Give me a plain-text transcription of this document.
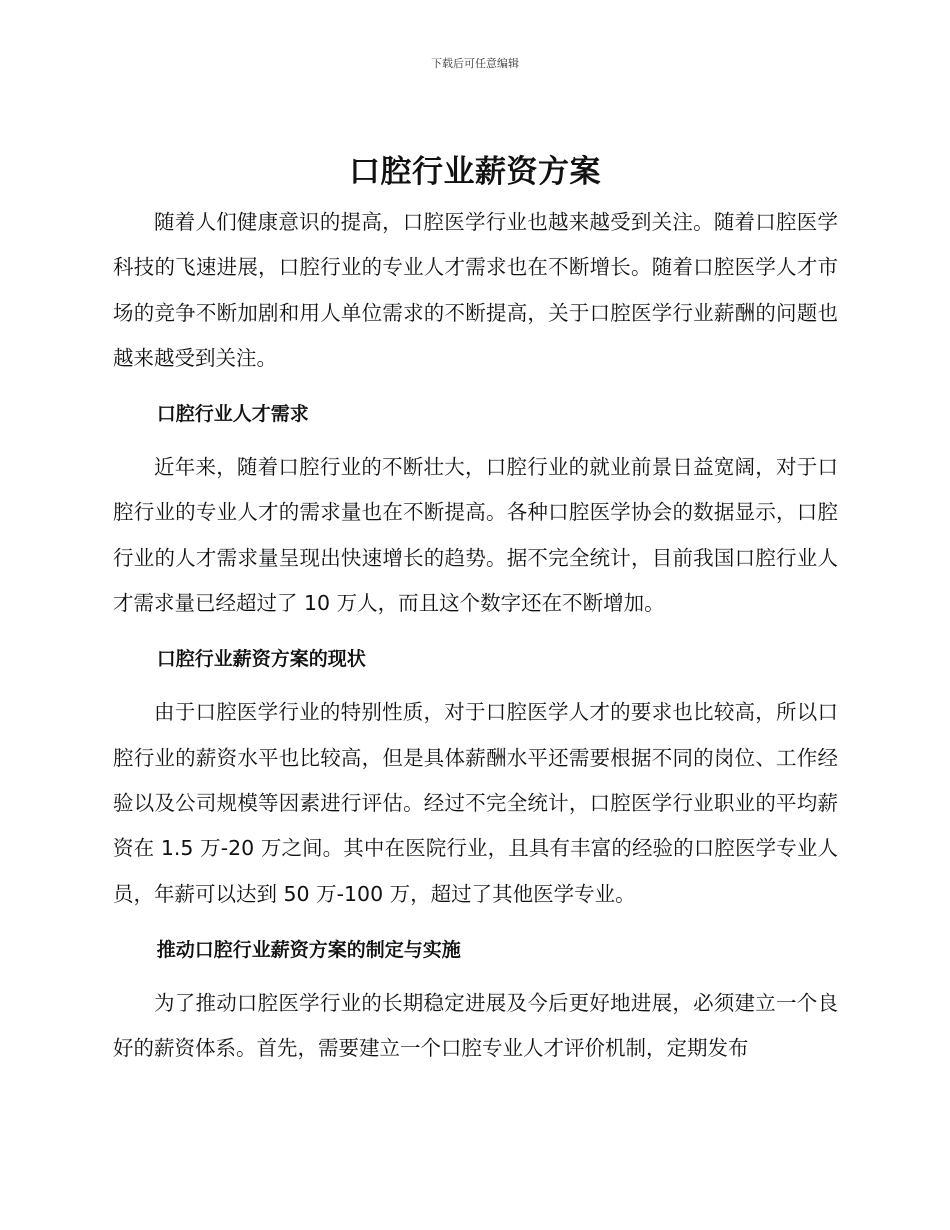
下载后可任意编辑
口腔行业薪资方案

随着人们健康意识的提高，口腔医学行业也越来越受到关注。随着口腔医学科技的飞速进展，口腔行业的专业人才需求也在不断增长。随着口腔医学人才市场的竞争不断加剧和用人单位需求的不断提高，关于口腔医学行业薪酬的问题也越来越受到关注。

口腔行业人才需求

近年来，随着口腔行业的不断壮大，口腔行业的就业前景日益宽阔，对于口腔行业的专业人才的需求量也在不断提高。各种口腔医学协会的数据显示，口腔行业的人才需求量呈现出快速增长的趋势。据不完全统计，目前我国口腔行业人才需求量已经超过了 10 万人，而且这个数字还在不断增加。

口腔行业薪资方案的现状

由于口腔医学行业的特别性质，对于口腔医学人才的要求也比较高，所以口腔行业的薪资水平也比较高，但是具体薪酬水平还需要根据不同的岗位、工作经验以及公司规模等因素进行评估。经过不完全统计，口腔医学行业职业的平均薪资在 1.5 万-20 万之间。其中在医院行业，且具有丰富的经验的口腔医学专业人员，年薪可以达到 50 万-100 万，超过了其他医学专业。

推动口腔行业薪资方案的制定与实施

为了推动口腔医学行业的长期稳定进展及今后更好地进展，必须建立一个良好的薪资体系。首先，需要建立一个口腔专业人才评价机制，定期发布
